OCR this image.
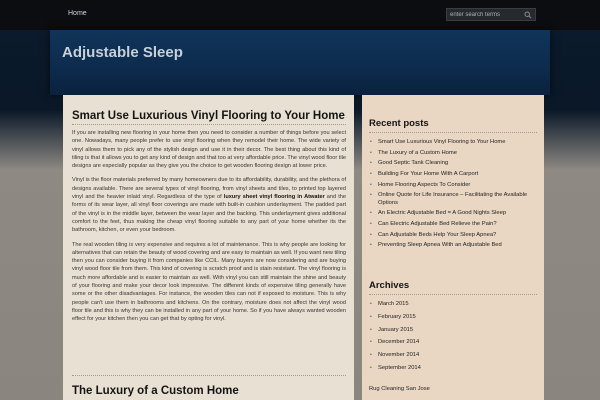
Home
enter search terms
Adjustable Sleep
Smart Use Luxurious Vinyl Flooring to Your Home

If you are installing new flooring in your home then you need to consider a number of things before you select one. Nowadays, many people prefer to use vinyl flooring when they remodel their home. The wide variety of vinyl allows them to pick any of the stylish design and use it in their decor. The best thing about this kind of tiling is that it allows you to get any kind of design and that too at very affordable price. The vinyl wood floor tile designs are especially popular as they give you the choice to get wooden flooring design at lower price.

Vinyl is the floor materials preferred by many homeowners due to its affordability, durability, and the plethora of designs available. There are several types of vinyl flooring, from vinyl sheets and tiles, to printed top layered vinyl and the heavier inlaid vinyl. Regardless of the type of luxury sheet vinyl flooring in Atwater and the forms of its wear layer, all vinyl floor coverings are made with built-in cushion underlayment. The padded part of the vinyl is in the middle layer, between the wear layer and the backing. This underlayment gives additional comfort to the feet, thus making the cheap vinyl flooring suitable to any part of your home whether its the bathroom, kitchen, or even your bedroom.

The real wooden tiling is very expensive and requires a lot of maintenance. This is why people are looking for alternatives that can retain the beauty of wood covering and are easy to maintain as well. If you want new tiling then you can consider buying it from companies like CCIL. Many buyers are now considering and are buying vinyl wood floor tile from them. This kind of covering is scratch proof and is stain resistant. The vinyl flooring is much more affordable and is easier to maintain as well. With vinyl you can still maintain the shine and beauty of your flooring and make your decor look impressive. The different kinds of expensive tiling generally have some or the other disadvantages. For instance, the wooden tiles can not if exposed to moisture. This is why people can't use them in bathrooms and kitchens. On the contrary, moisture does not affect the vinyl wood floor tile and this is why they can be installed in any part of your home. So if you have always wanted wooden effect for your kitchen then you can get that by opting for vinyl.

The Luxury of a Custom Home
Recent posts
• Smart Use Luxurious Vinyl Flooring to Your Home
• The Luxury of a Custom Home
• Good Septic Tank Cleaning
• Building For Your Home With A Carport
• Home Flooring Aspects To Consider
• Online Quote for Life Insurance – Facilitating the Available Options
• An Electric Adjustable Bed = A Good Nights Sleep
• Can Electric Adjustable Bed Relieve the Pain?
• Can Adjustable Beds Help Your Sleep Apnea?
• Preventing Sleep Apnea With an Adjustable Bed
Archives
• March 2015
• February 2015
• January 2015
• December 2014
• November 2014
• September 2014
Rug Cleaning San Jose
